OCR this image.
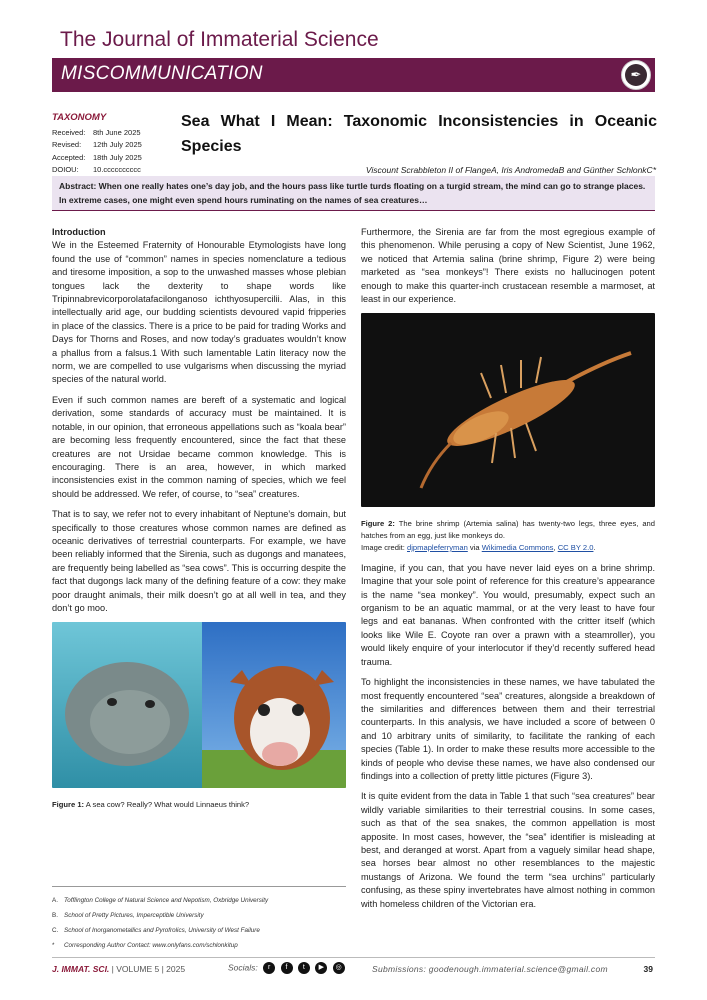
The Journal of Immaterial Science
MISCOMMUNICATION	✒
TAXONOMY
Received: 8th June 2025
Revised: 12th July 2025
Accepted: 18th July 2025
DOIOU: 10.cccccccccc
Sea What I Mean: Taxonomic Inconsistencies in Oceanic Species
Viscount Scrabbleton II of FlangeA, Iris AndromedaB and Günther SchlonkC*

Abstract: When one really hates one’s day job, and the hours pass like turtle turds floating on a turgid stream, the mind can go to strange places. In extreme cases, one might even spend hours ruminating on the names of sea creatures…

Introduction

We in the Esteemed Fraternity of Honourable Etymologists have long found the use of “common” names in species nomenclature a tedious and tiresome imposition, a sop to the unwashed masses whose plebian tongues lack the dexterity to shape words like Tripinnabrevicorporolatafacilonganoso ichthyosupercilii. Alas, in this intellectually arid age, our budding scientists devoured vapid fripperies in place of the classics. There is a price to be paid for trading Works and Days for Thorns and Roses, and now today’s graduates wouldn’t know a phallus from a falsus.1 With such lamentable Latin literacy now the norm, we are compelled to use vulgarisms when discussing the myriad species of the natural world.

Even if such common names are bereft of a systematic and logical derivation, some standards of accuracy must be maintained. It is notable, in our opinion, that erroneous appellations such as “koala bear” are becoming less frequently encountered, since the fact that these creatures are not Ursidae became common knowledge. This is encouraging. There is an area, however, in which marked inconsistencies exist in the common naming of species, which we feel should be addressed. We refer, of course, to “sea” creatures.

That is to say, we refer not to every inhabitant of Neptune’s domain, but specifically to those creatures whose common names are defined as oceanic derivatives of terrestrial counterparts. For example, we have been reliably informed that the Sirenia, such as dugongs and manatees, are frequently being labelled as “sea cows”. This is occurring despite the fact that dugongs lack many of the defining feature of a cow: they make poor draught animals, their milk doesn’t go at all well in tea, and they don’t go moo.

Figure 1: A sea cow? Really? What would Linnaeus think?
A. Tofflington College of Natural Science and Nepotism, Oxbridge University
B. School of Pretty Pictures, Imperceptible University
C. School of Inorganometallics and Pyrofrolics, University of West Failure
* Corresponding Author Contact: www.onlyfans.com/schlonkitup

Furthermore, the Sirenia are far from the most egregious example of this phenomenon. While perusing a copy of New Scientist, June 1962, we noticed that Artemia salina (brine shrimp, Figure 2) were being marketed as “sea monkeys”! There exists no hallucinogen potent enough to make this quarter-inch crustacean resemble a marmoset, at least in our experience.

Figure 2: The brine shrimp (Artemia salina) has twenty-two legs, three eyes, and hatches from an egg, just like monkeys do.
Image credit: djpmapleferryman via Wikimedia Commons, CC BY 2.0.

Imagine, if you can, that you have never laid eyes on a brine shrimp. Imagine that your sole point of reference for this creature’s appearance is the name “sea monkey”. You would, presumably, expect such an organism to be an aquatic mammal, or at the very least to have four legs and eat bananas. When confronted with the critter itself (which looks like Wile E. Coyote ran over a prawn with a steamroller), you would likely enquire of your interlocutor if they’d recently suffered head trauma.

To highlight the inconsistencies in these names, we have tabulated the most frequently encountered “sea” creatures, alongside a breakdown of the similarities and differences between them and their terrestrial counterparts. In this analysis, we have included a score of between 0 and 10 arbitrary units of similarity, to facilitate the ranking of each species (Table 1). In order to make these results more accessible to the kinds of people who devise these names, we have also condensed our findings into a collection of pretty little pictures (Figure 3).

It is quite evident from the data in Table 1 that such “sea creatures” bear wildly variable similarities to their terrestrial cousins. In some cases, such as that of the sea snakes, the common appellation is most apposite. In most cases, however, the “sea” identifier is misleading at best, and deranged at worst. Apart from a vaguely similar head shape, sea horses bear almost no other resemblances to the majestic mustangs of Arizona. We found the term “sea urchins” particularly confusing, as these spiny invertebrates have almost nothing in common with homeless children of the Victorian era.

J. IMMAT. SCI. | VOLUME 5 | 2025	Socials: r f t ▶ ◎	Submissions: goodenough.immaterial.science@gmail.com	39
